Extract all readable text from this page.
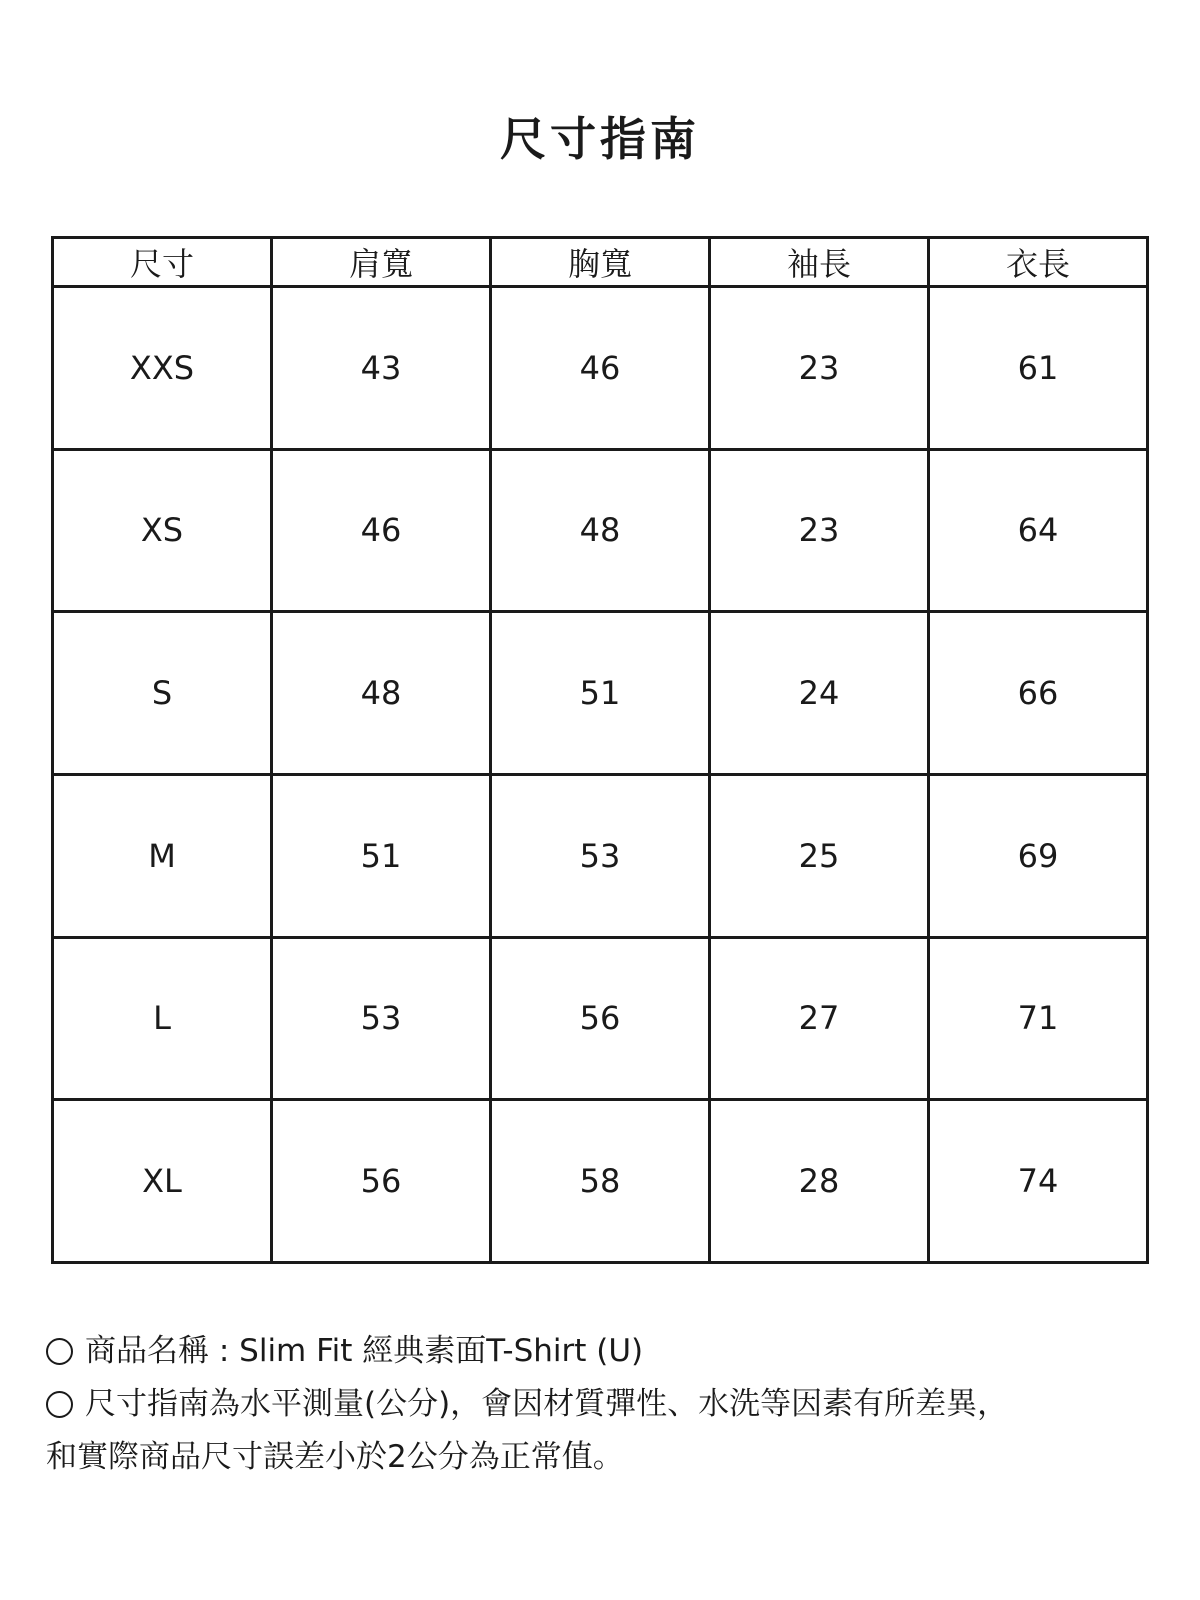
尺寸指南
尺寸	肩寬	胸寬	袖長	衣長
XXS	43	46	23	61
XS	46	48	23	64
S	48	51	24	66
M	51	53	25	69
L	53	56	27	71
XL	56	58	28	74
商品名稱 : Slim Fit 經典素面T-Shirt (U)
尺寸指南為水平測量(公分)，會因材質彈性、水洗等因素有所差異，
和實際商品尺寸誤差小於2公分為正常值。
